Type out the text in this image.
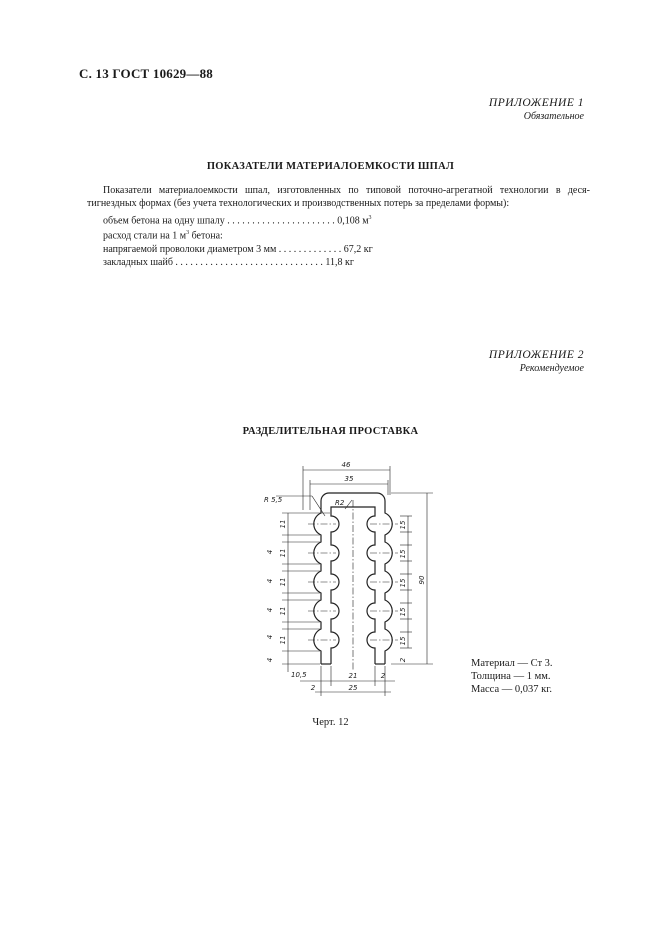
С. 13 ГОСТ 10629—88
ПРИЛОЖЕНИЕ 1
Обязательное
ПОКАЗАТЕЛИ МАТЕРИАЛОЕМКОСТИ ШПАЛ
Показатели материалоемкости шпал, изготовленных по типовой поточно-агрегатной технологии в десятигнездных формах (без учета технологических и производственных потерь за пределами формы):
объем бетона на одну шпалу . . . . . . . . . . . . . . . . . . . . . . 0,108 $м^3$
расход стали на 1 $м^3$ бетона:
напрягаемой проволоки диаметром 3 мм . . . . . . . . . . . . . 67,2 кг
закладных шайб . . . . . . . . . . . . . . . . . . . . . . . . . . . . . . 11,8 кг
ПРИЛОЖЕНИЕ 2
Рекомендуемое
РАЗДЕЛИТЕЛЬНАЯ ПРОСТАВКА
46
35
R 5,5	R2
90
15
15
15
15
15
2
11
4 11
4 11
4 11
4 11
4
10,5	21
2
2
25
Материал — Ст 3.
Толщина — 1 мм.
Масса — 0,037 кг.
Черт. 12
